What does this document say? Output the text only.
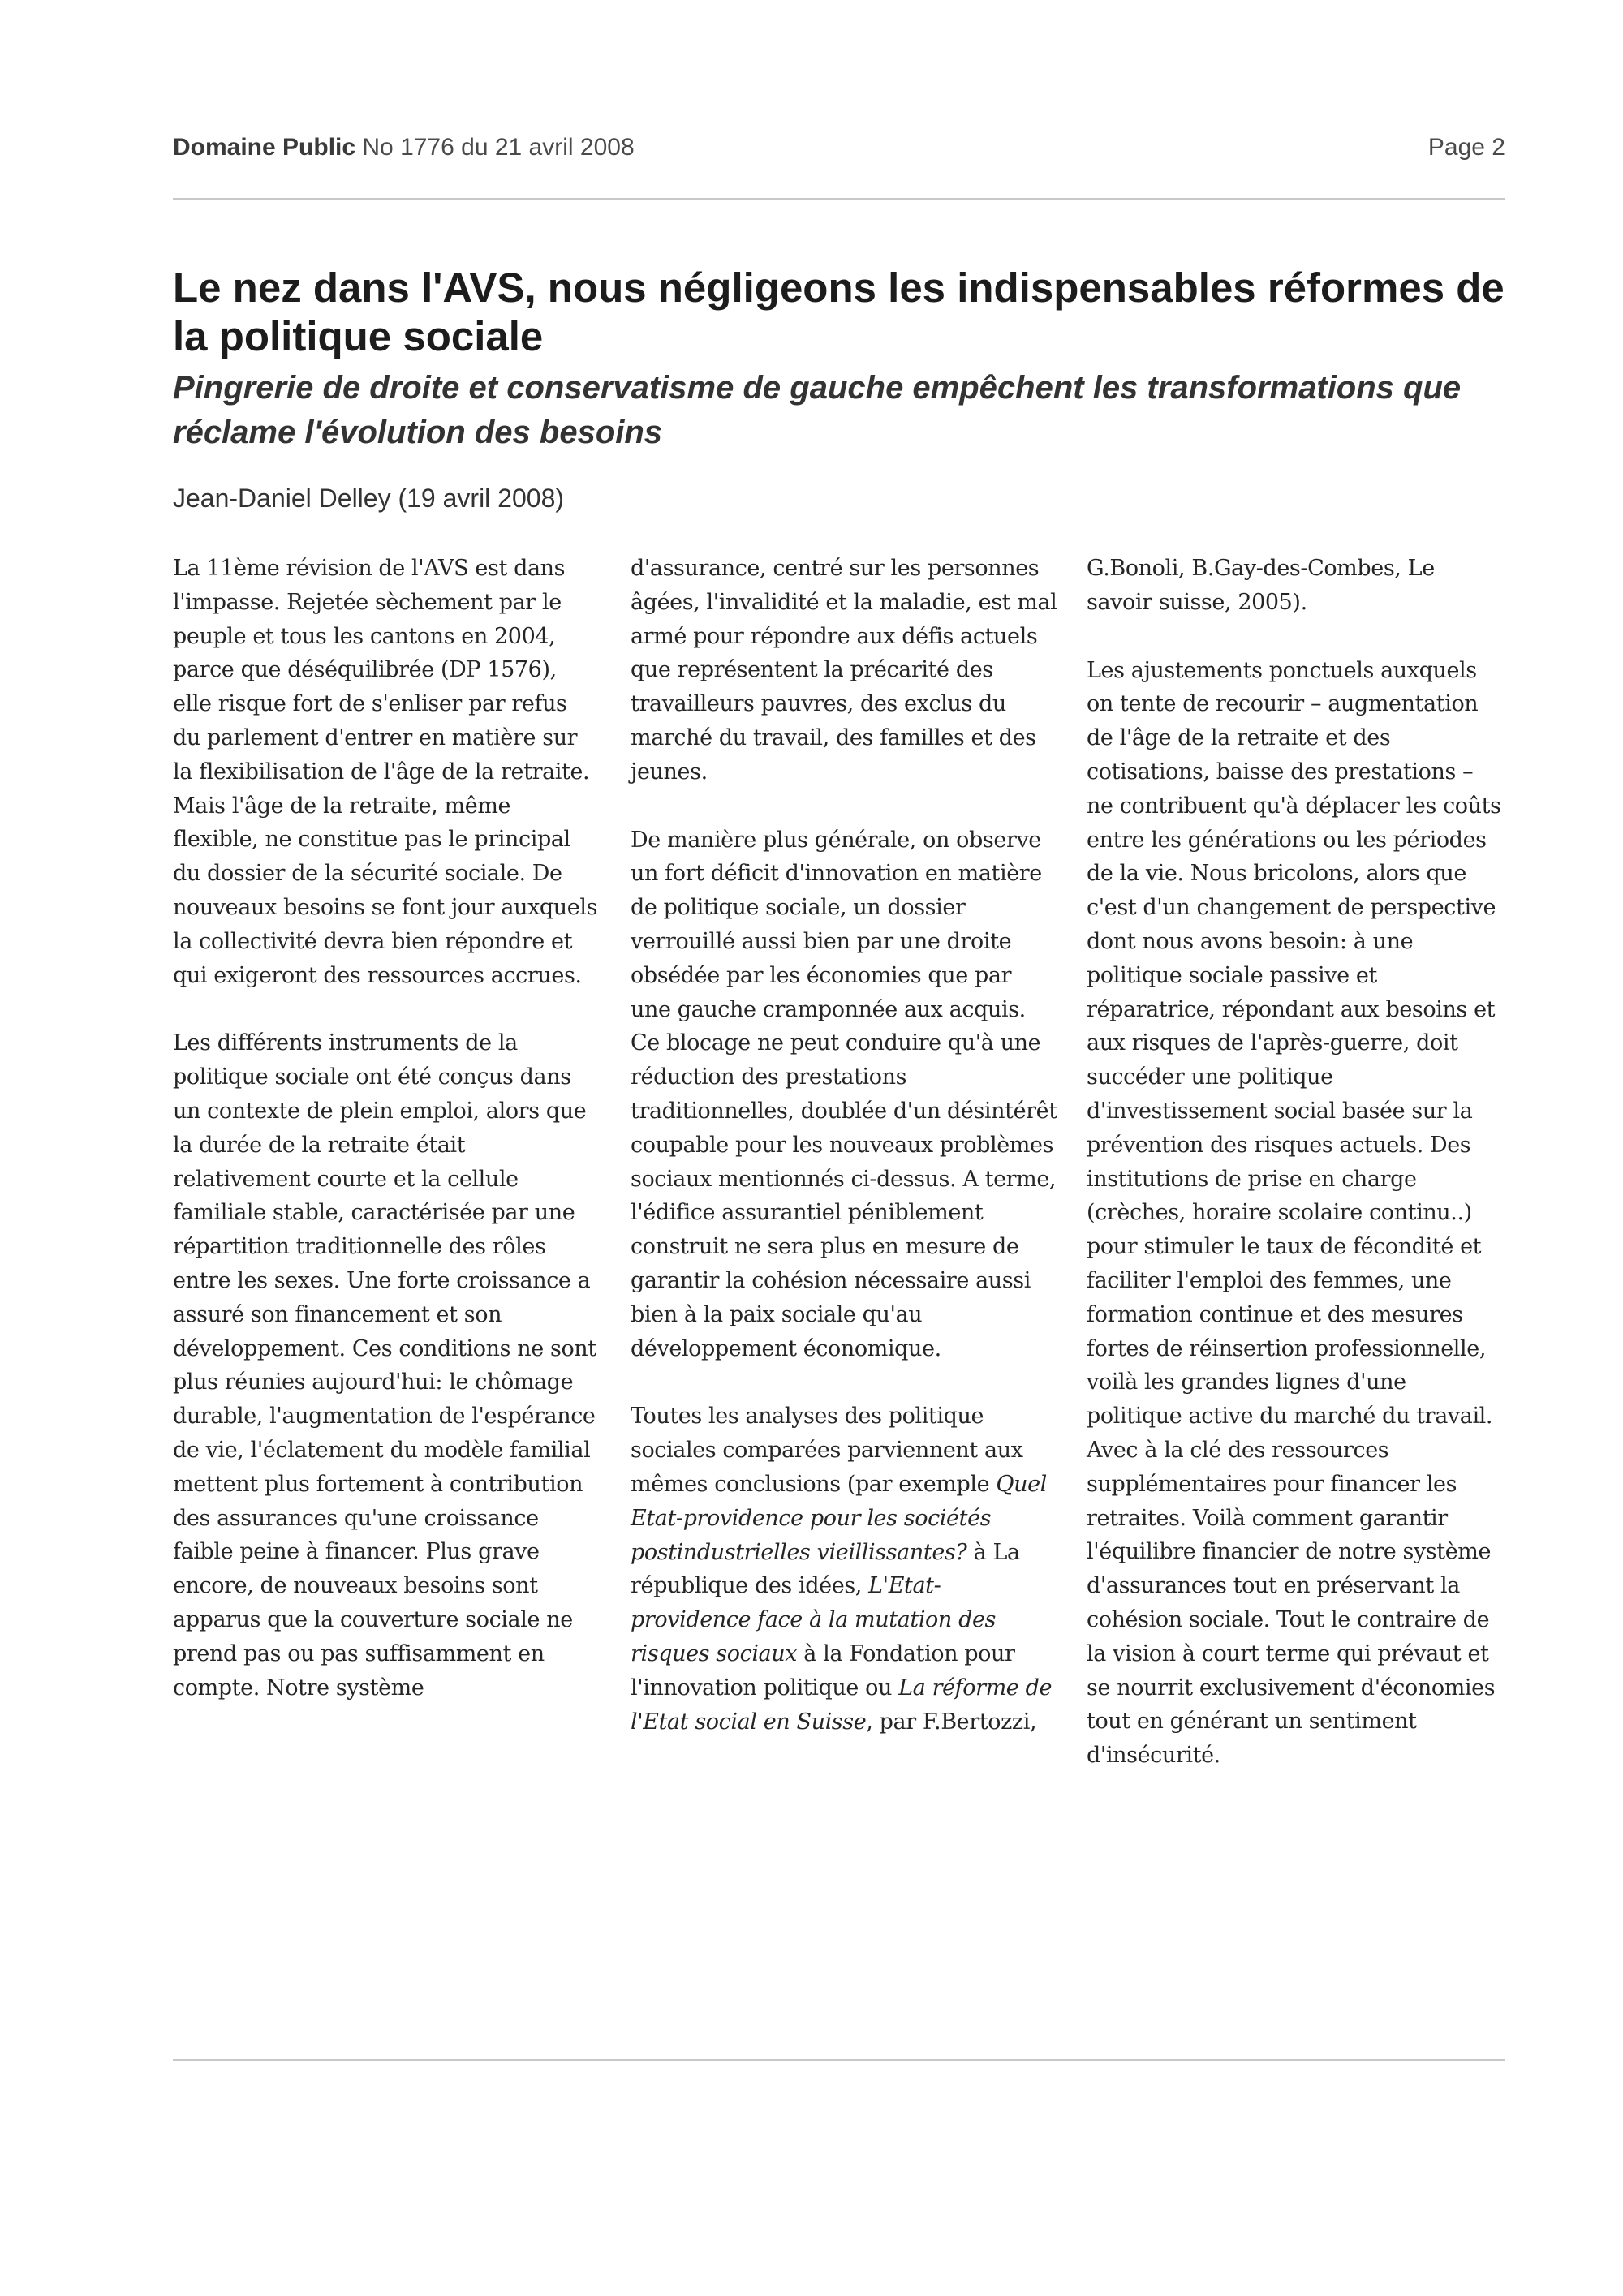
Domaine Public No 1776 du 21 avril 2008	Page 2
Le nez dans l'AVS, nous négligeons les indispensables réformes de la politique sociale
Pingrerie de droite et conservatisme de gauche empêchent les transformations que réclame l'évolution des besoins
Jean-Daniel Delley (19 avril 2008)

La 11ème révision de l'AVS est dans l'impasse. Rejetée sèchement par le peuple et tous les cantons en 2004, parce que déséquilibrée (DP 1576), elle risque fort de s'enliser par refus du parlement d'entrer en matière sur la flexibilisation de l'âge de la retraite. Mais l'âge de la retraite, même flexible, ne constitue pas le principal du dossier de la sécurité sociale. De nouveaux besoins se font jour auxquels la collectivité devra bien répondre et qui exigeront des ressources accrues.

Les différents instruments de la politique sociale ont été conçus dans un contexte de plein emploi, alors que la durée de la retraite était relativement courte et la cellule familiale stable, caractérisée par une répartition traditionnelle des rôles entre les sexes. Une forte croissance a assuré son financement et son développement. Ces conditions ne sont plus réunies aujourd'hui: le chômage durable, l'augmentation de l'espérance de vie, l'éclatement du modèle familial mettent plus fortement à contribution des assurances qu'une croissance faible peine à financer. Plus grave encore, de nouveaux besoins sont apparus que la couverture sociale ne prend pas ou pas suffisamment en compte. Notre système

d'assurance, centré sur les personnes âgées, l'invalidité et la maladie, est mal armé pour répondre aux défis actuels que représentent la précarité des travailleurs pauvres, des exclus du marché du travail, des familles et des jeunes.

De manière plus générale, on observe un fort déficit d'innovation en matière de politique sociale, un dossier verrouillé aussi bien par une droite obsédée par les économies que par une gauche cramponnée aux acquis. Ce blocage ne peut conduire qu'à une réduction des prestations traditionnelles, doublée d'un désintérêt coupable pour les nouveaux problèmes sociaux mentionnés ci-dessus. A terme, l'édifice assurantiel péniblement construit ne sera plus en mesure de garantir la cohésion nécessaire aussi bien à la paix sociale qu'au développement économique.

Toutes les analyses des politique sociales comparées parviennent aux mêmes conclusions (par exemple Quel Etat-providence pour les sociétés postindustrielles vieillissantes? à La république des idées, L'Etat-providence face à la mutation des risques sociaux à la Fondation pour l'innovation politique ou La réforme de l'Etat social en Suisse, par F.Bertozzi,

G.Bonoli, B.Gay-des-Combes, Le savoir suisse, 2005).

Les ajustements ponctuels auxquels on tente de recourir – augmentation de l'âge de la retraite et des cotisations, baisse des prestations – ne contribuent qu'à déplacer les coûts entre les générations ou les périodes de la vie. Nous bricolons, alors que c'est d'un changement de perspective dont nous avons besoin: à une politique sociale passive et réparatrice, répondant aux besoins et aux risques de l'après-guerre, doit succéder une politique d'investissement social basée sur la prévention des risques actuels. Des institutions de prise en charge (crèches, horaire scolaire continu..) pour stimuler le taux de fécondité et faciliter l'emploi des femmes, une formation continue et des mesures fortes de réinsertion professionnelle, voilà les grandes lignes d'une politique active du marché du travail. Avec à la clé des ressources supplémentaires pour financer les retraites. Voilà comment garantir l'équilibre financier de notre système d'assurances tout en préservant la cohésion sociale. Tout le contraire de la vision à court terme qui prévaut et se nourrit exclusivement d'économies tout en générant un sentiment d'insécurité.
